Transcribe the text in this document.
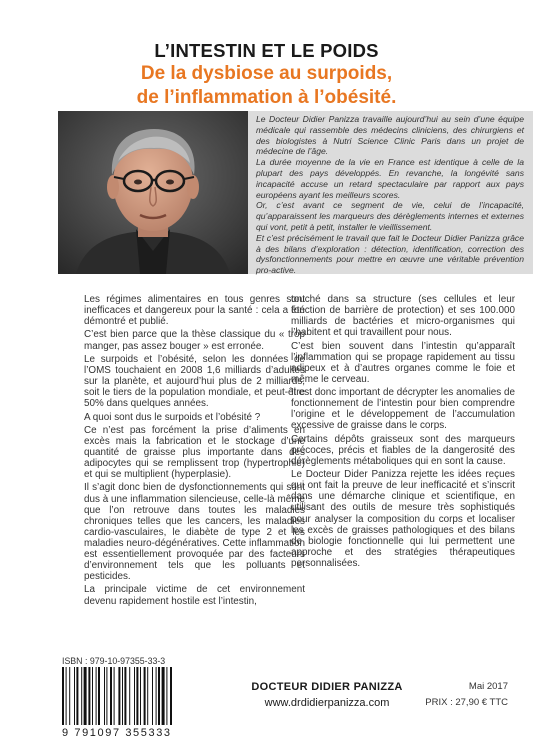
L’INTESTIN ET LE POIDS
De la dysbiose au surpoids,
de l’inflammation à l’obésité.

Le Docteur Didier Panizza travaille aujourd’hui au sein d’une équipe médicale qui rassemble des médecins cliniciens, des chirurgiens et des biologistes à Nutri Science Clinic Paris dans un projet de médecine de l’âge.

La durée moyenne de la vie en France est identique à celle de la plupart des pays développés. En revanche, la longévité sans incapacité accuse un retard spectaculaire par rapport aux pays européens ayant les meilleurs scores.

Or, c’est avant ce segment de vie, celui de l’incapacité, qu’apparaissent les marqueurs des dérèglements internes et externes qui vont, petit à petit, installer le vieillissement.

Et c’est précisément le travail que fait le Docteur Didier Panizza grâce à des bilans d’exploration : détection, identification, correction des dysfonctionnements pour mettre en œuvre une véritable prévention pro-active.

Les régimes alimentaires en tous genres sont inefficaces et dangereux pour la santé : cela a été démontré et publié.

C’est bien parce que la thèse classique du « trop manger, pas assez bouger » est erronée.

Le surpoids et l’obésité, selon les données de l’OMS touchaient en 2008 1,6 milliards d’adultes sur la planète, et aujourd’hui plus de 2 milliards, soit le tiers de la population mondiale, et peut-être 50% dans quelques années.

A quoi sont dus le surpoids et l’obésité ?

Ce n’est pas forcément la prise d’aliments en excès mais la fabrication et le stockage d’une quantité de graisse plus importante dans des adipocytes qui se remplissent trop (hypertrophie) et qui se multiplient (hyperplasie).

Il s’agit donc bien de dysfonctionnements qui sont dus à une inflammation silencieuse, celle-là même que l’on retrouve dans toutes les maladies chroniques telles que les cancers, les maladies cardio-vasculaires, le diabète de type 2 et les maladies neuro-dégénératives. Cette inflammation est essentiellement provoquée par des facteurs d’environnement tels que les polluants et pesticides.

La principale victime de cet environnement devenu rapidement hostile est l’intestin,

touché dans sa structure (ses cellules et leur fonction de barrière de protection) et ses 100.000 milliards de bactéries et micro-organismes qui l’habitent et qui travaillent pour nous.

C’est bien souvent dans l’intestin qu’apparaît l’inflammation qui se propage rapidement au tissu adipeux et à d’autres organes comme le foie et même le cerveau.

Il est donc important de décrypter les anomalies de fonctionnement de l’intestin pour bien comprendre l’origine et le développement de l’accumulation excessive de graisse dans le corps.

Certains dépôts graisseux sont des marqueurs précoces, précis et fiables de la dangerosité des dérèglements métaboliques qui en sont la cause.

Le Docteur Dider Panizza rejette les idées reçues qui ont fait la preuve de leur inefficacité et s’inscrit dans une démarche clinique et scientifique, en utilisant des outils de mesure très sophistiqués pour analyser la composition du corps et localiser les excès de graisses pathologiques et des bilans de biologie fonctionnelle qui lui permettent une approche et des stratégies thérapeutiques personnalisées.

ISBN : 979-10-97355-33-3
9 791097 355333
DOCTEUR DIDIER PANIZZA
www.drdidierpanizza.com
Mai 2017
PRIX : 27,90 € TTC
